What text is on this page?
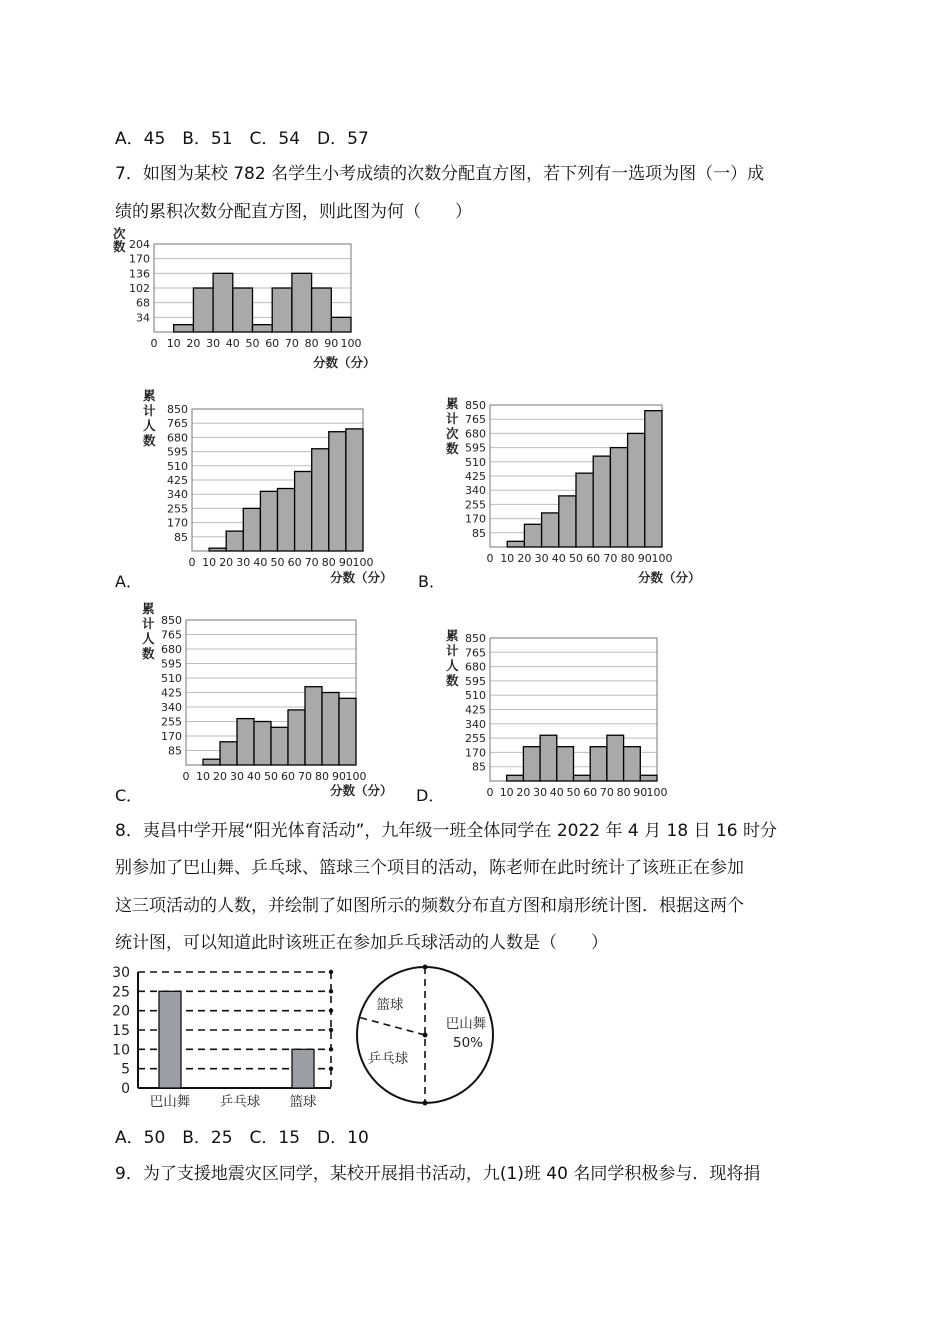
A．45　B．51　C．54　D．57
7．如图为某校 782 名学生小考成绩的次数分配直方图，若下列有一选项为图（一）成
绩的累积次数分配直方图，则此图为何（　　）
34
68
102
136
170
204
0 10 20 30 40 50 60 70 80 90 100
次
数
分数（分）
85
170
255
340
425
510
595
680
765
850
0 10 20 30 40 50 60 70 80 90 100
累
计
人
数
分数（分）
A．
85
170
255
340
425
510
595
680
765
850
0 10 20 30 40 50 60 70 80 90 100
累
计
次
数
分数（分）
B．
85
170
255
340
425
510
595
680
765
850
0 10 20 30 40 50 60 70 80 90 100
累
计
人
数
分数（分）
C．
85
170
255
340
425
510
595
680
765
850
0 10 20 30 40 50 60 70 80 90 100
累
计
人
数
D．
8．夷昌中学开展“阳光体育活动”，九年级一班全体同学在 2022 年 4 月 18 日 16 时分
别参加了巴山舞、乒乓球、篮球三个项目的活动，陈老师在此时统计了该班正在参加
这三项活动的人数，并绘制了如图所示的频数分布直方图和扇形统计图．根据这两个
统计图，可以知道此时该班正在参加乒乓球活动的人数是（　　）
0
5
10
15
20
25
30
巴山舞 乒乓球 篮球
巴山舞
50%
篮球
乒乓球
A．50　B．25　C．15　D．10
9．为了支援地震灾区同学，某校开展捐书活动，九(1)班 40 名同学积极参与．现将捐
